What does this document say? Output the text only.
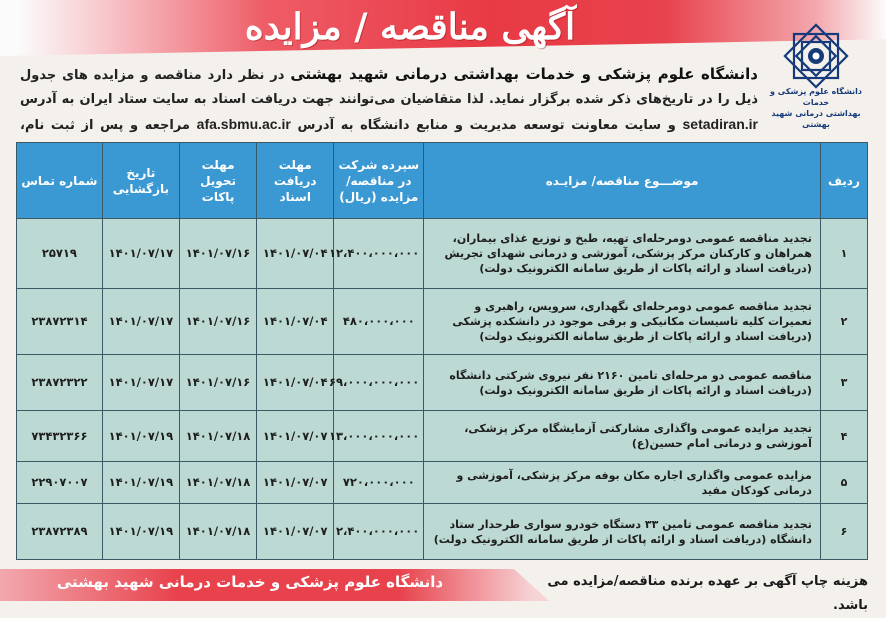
آگهی مناقصه / مزایده
دانشگاه علوم پزشکی و خدمات
بهداشتی درمانی شهید بهشتی
دانشگاه علوم پزشکی و خدمات بهداشتی درمانی شهید بهشتی در نظر دارد مناقصه و مزایده های جدول ذیل را در تاریخ‌های ذکر شده برگزار نماید. لذا متقاضیان می‌توانند جهت دریافت اسناد به سایت ستاد ایران به آدرس setadiran.ir و سایت معاونت توسعه مدیریت و منابع دانشگاه به آدرس afa.sbmu.ac.ir مراجعه و پس از ثبت نام،
ردیف	موضـــوع مناقصه/ مزایـده	سپرده شرکت در مناقصه/ مزایده (ریال)	مهلت دریافت اسناد	مهلت تحویل پاکات	تاریخ بازگشایی	شماره تماس
۱	تجدید مناقصه عمومی دومرحله‌ای تهیه، طبخ و توزیع غذای بیماران، همراهان و کارکنان مرکز پزشکی، آموزشی و درمانی شهدای تجریش (دریافت اسناد و ارائه پاکات از طریق سامانه الکترونیک دولت)	۱۲،۴۰۰،۰۰۰،۰۰۰	۱۴۰۱/۰۷/۰۴	۱۴۰۱/۰۷/۱۶	۱۴۰۱/۰۷/۱۷	۲۵۷۱۹
۲	تجدید مناقصه عمومی دومرحله‌ای نگهداری، سرویس، راهبری و تعمیرات کلیه تاسیسات مکانیکی و برقی موجود در دانشکده پزشکی (دریافت اسناد و ارائه پاکات از طریق سامانه الکترونیک دولت)	۴۸۰،۰۰۰،۰۰۰	۱۴۰۱/۰۷/۰۴	۱۴۰۱/۰۷/۱۶	۱۴۰۱/۰۷/۱۷	۲۳۸۷۲۳۱۴
۳	مناقصه عمومی دو مرحله‌ای تامین ۲۱۶۰ نفر نیروی شرکتی دانشگاه (دریافت اسناد و ارائه پاکات از طریق سامانه الکترونیک دولت)	۶۹،۰۰۰،۰۰۰،۰۰۰	۱۴۰۱/۰۷/۰۴	۱۴۰۱/۰۷/۱۶	۱۴۰۱/۰۷/۱۷	۲۳۸۷۲۳۲۲
۴	تجدید مزایده عمومی واگذاری مشارکتی آزمایشگاه مرکز پزشکی، آموزشی و درمانی امام حسین(ع)	۱۳،۰۰۰،۰۰۰،۰۰۰	۱۴۰۱/۰۷/۰۷	۱۴۰۱/۰۷/۱۸	۱۴۰۱/۰۷/۱۹	۷۳۴۳۲۳۶۶
۵	مزایده عمومی واگذاری اجاره مکان بوفه مرکز پزشکی، آموزشی و درمانی کودکان مفید	۷۲۰،۰۰۰،۰۰۰	۱۴۰۱/۰۷/۰۷	۱۴۰۱/۰۷/۱۸	۱۴۰۱/۰۷/۱۹	۲۲۹۰۷۰۰۷
۶	تجدید مناقصه عمومی تامین ۳۳ دستگاه خودرو سواری طرحدار ستاد دانشگاه (دریافت اسناد و ارائه پاکات از طریق سامانه الکترونیک دولت)	۲،۴۰۰،۰۰۰،۰۰۰	۱۴۰۱/۰۷/۰۷	۱۴۰۱/۰۷/۱۸	۱۴۰۱/۰۷/۱۹	۲۳۸۷۲۳۸۹
دانشگاه علوم پزشکی و خدمات درمانی شهید بهشتی	هزینه چاپ آگهی بر عهده برنده مناقصه/مزایده می باشد.
